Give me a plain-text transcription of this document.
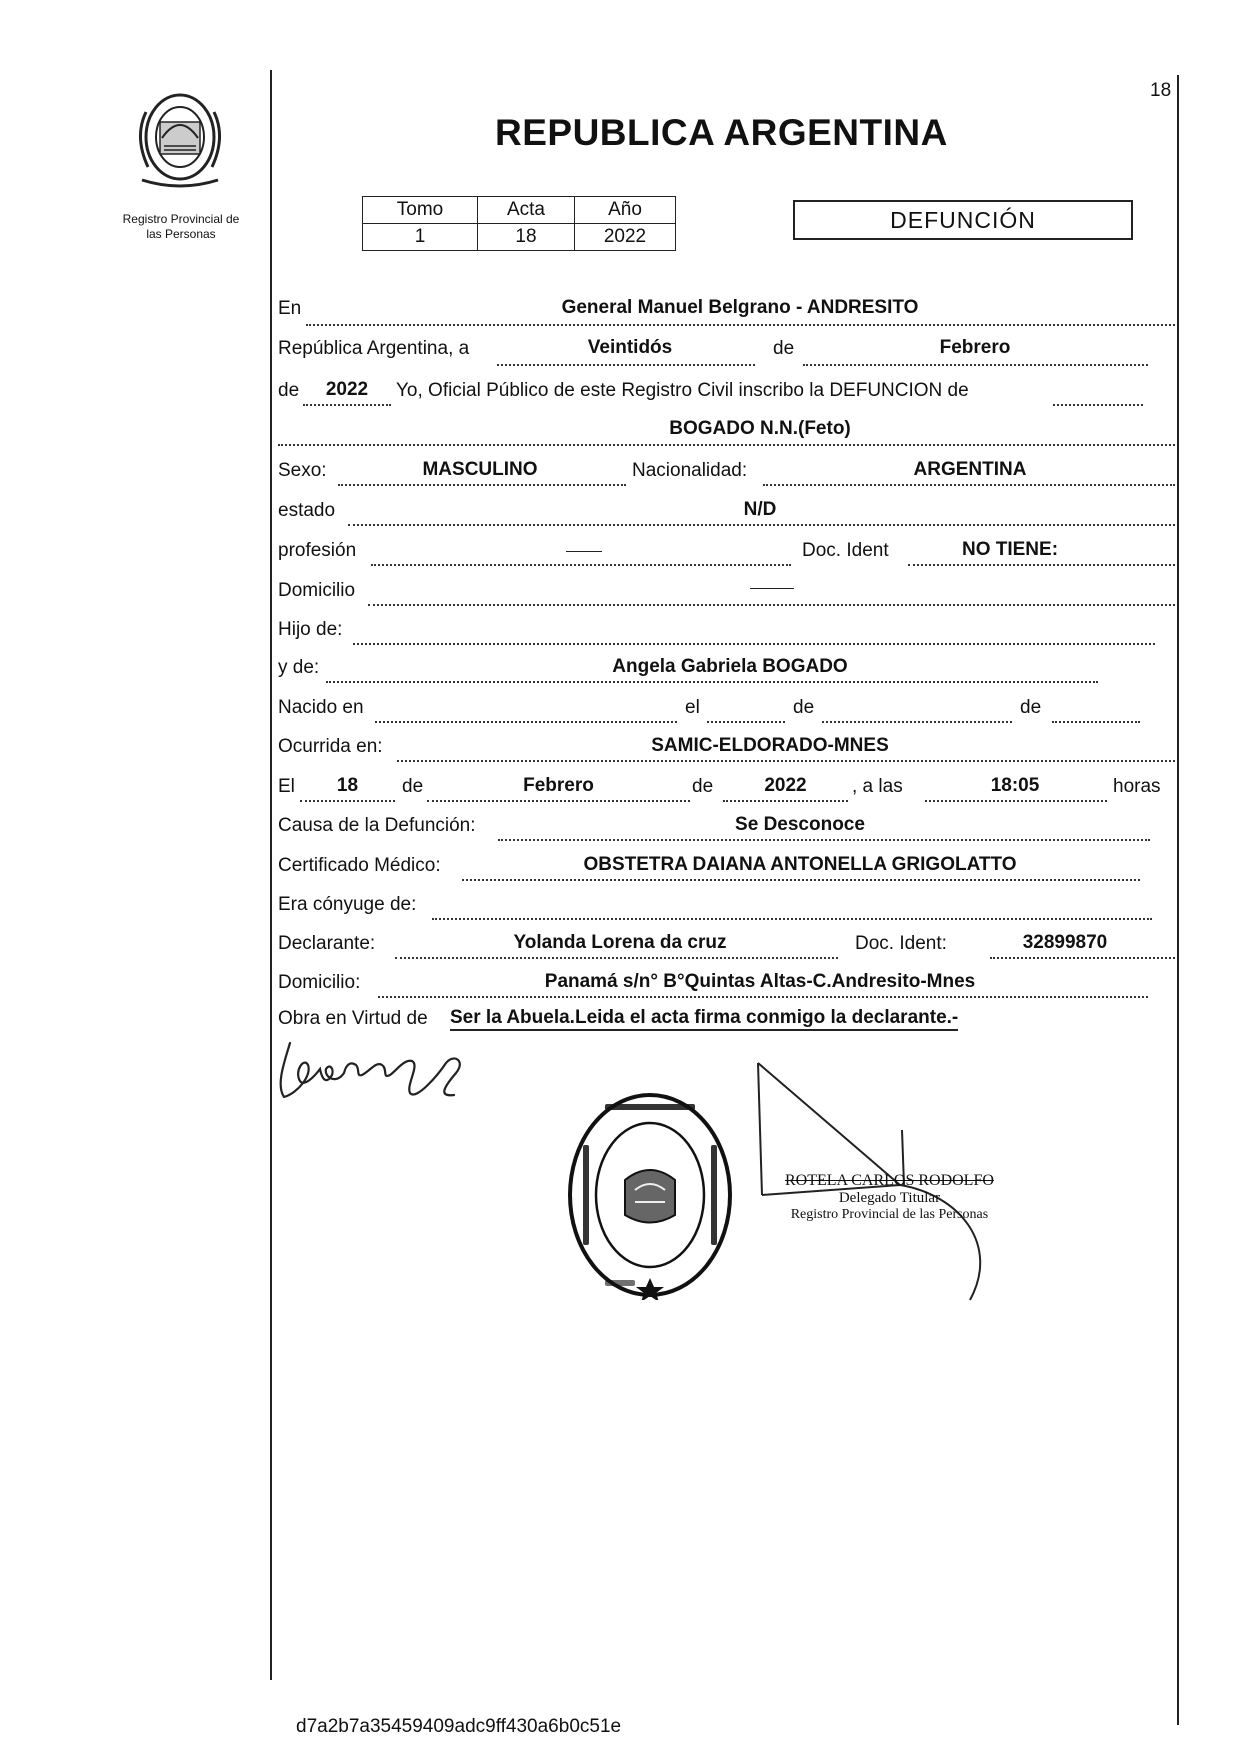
18
Registro Provincial de
las Personas
REPUBLICA ARGENTINA
Tomo	Acta	Año
1	18	2022
DEFUNCIÓN
En	General Manuel Belgrano - ANDRESITO
República Argentina, a	Veintidós	de	Febrero
de	2022	Yo, Oficial Público de este Registro Civil inscribo la DEFUNCION de
BOGADO N.N.(Feto)
Sexo:	MASCULINO	Nacionalidad:	ARGENTINA
estado	N/D
profesión	Doc. Ident	NO TIENE:
Domicilio
Hijo de:
y de:	Angela Gabriela BOGADO
Nacido en	el	de	de
Ocurrida en:	SAMIC-ELDORADO-MNES
El	18	de	Febrero	de	2022	, a las	18:05	horas
Causa de la Defunción:	Se Desconoce
Certificado Médico:	OBSTETRA DAIANA ANTONELLA GRIGOLATTO
Era cónyuge de:
Declarante:	Yolanda Lorena da cruz	Doc. Ident:	32899870
Domicilio:	Panamá s/n° B°Quintas Altas-C.Andresito-Mnes
Obra en Virtud de Ser la Abuela.Leida el acta firma conmigo la declarante.-
ROTELA CARLOS RODOLFO
Delegado Titular
Registro Provincial de las Personas
d7a2b7a35459409adc9ff430a6b0c51e
